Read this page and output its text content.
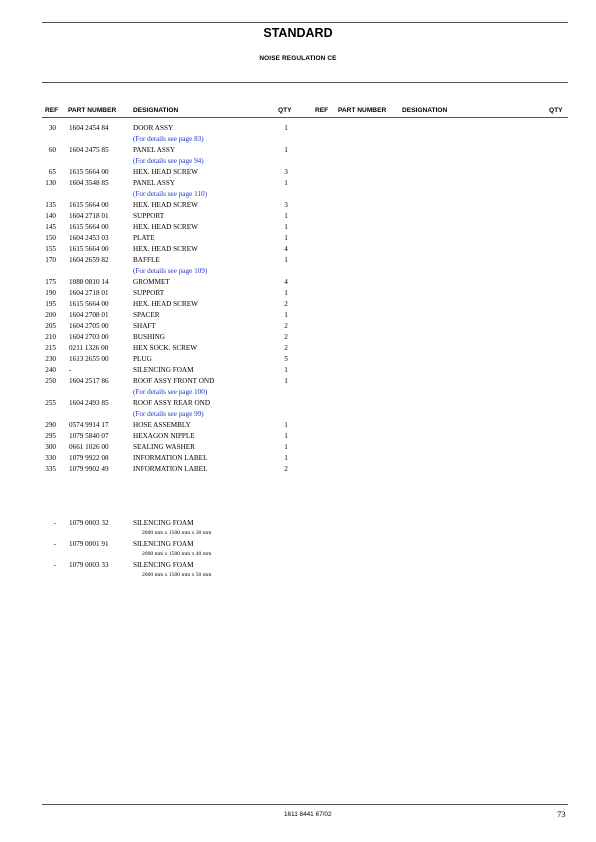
STANDARD
NOISE REGULATION CE
REF PART NUMBER	DESIGNATION	QTY	REF PART NUMBER DESIGNATION	QTY
30 1604 2454 84	DOOR ASSY	1
(For details see page 83)
60 1604 2475 85	PANEL ASSY	1
(For details see page 94)
65 1615 5664 00	HEX. HEAD SCREW	3
130 1604 3548 85	PANEL ASSY	1
(For details see page 110)
135 1615 5664 00	HEX. HEAD SCREW	3
140 1604 2718 01	SUPPORT	1
145 1615 5664 00	HEX. HEAD SCREW	1
150 1604 2453 03	PLATE	1
155 1615 5664 00	HEX. HEAD SCREW	4
170 1604 2659 82	BAFFLE	1
(For details see page 109)
175 1088 0810 14	GROMMET	4
190 1604 2718 01	SUPPORT	1
195 1615 5664 00	HEX. HEAD SCREW	2
200 1604 2708 01	SPACER	1
205 1604 2705 00	SHAFT	2
210 1604 2703 00	BUSHING	2
215 0211 1326 00	HEX SOCK. SCREW	2
230 1613 2655 00	PLUG	5
240 -	SILENCING FOAM	1
250 1604 2517 86	ROOF ASSY FRONT OND	1
(For details see page 100)
255 1604 2493 85	ROOF ASSY REAR OND
(For details see page 99)
290 0574 9914 17	HOSE ASSEMBLY	1
295 1079 5840 07	HEXAGON NIPPLE	1
300 0661 1026 00	SEALING WASHER	1
330 1079 9922 08	INFORMATION LABEL	1
335 1079 9902 49	INFORMATION LABEL	2
- 1079 0003 32	SILENCING FOAM
2000 mm x 1500 mm x 30 mm
- 1079 0001 91	SILENCING FOAM
2000 mm x 1500 mm x 40 mm
- 1079 0003 33	SILENCING FOAM
2000 mm x 1500 mm x 50 mm
1611 8441 67/02	73
